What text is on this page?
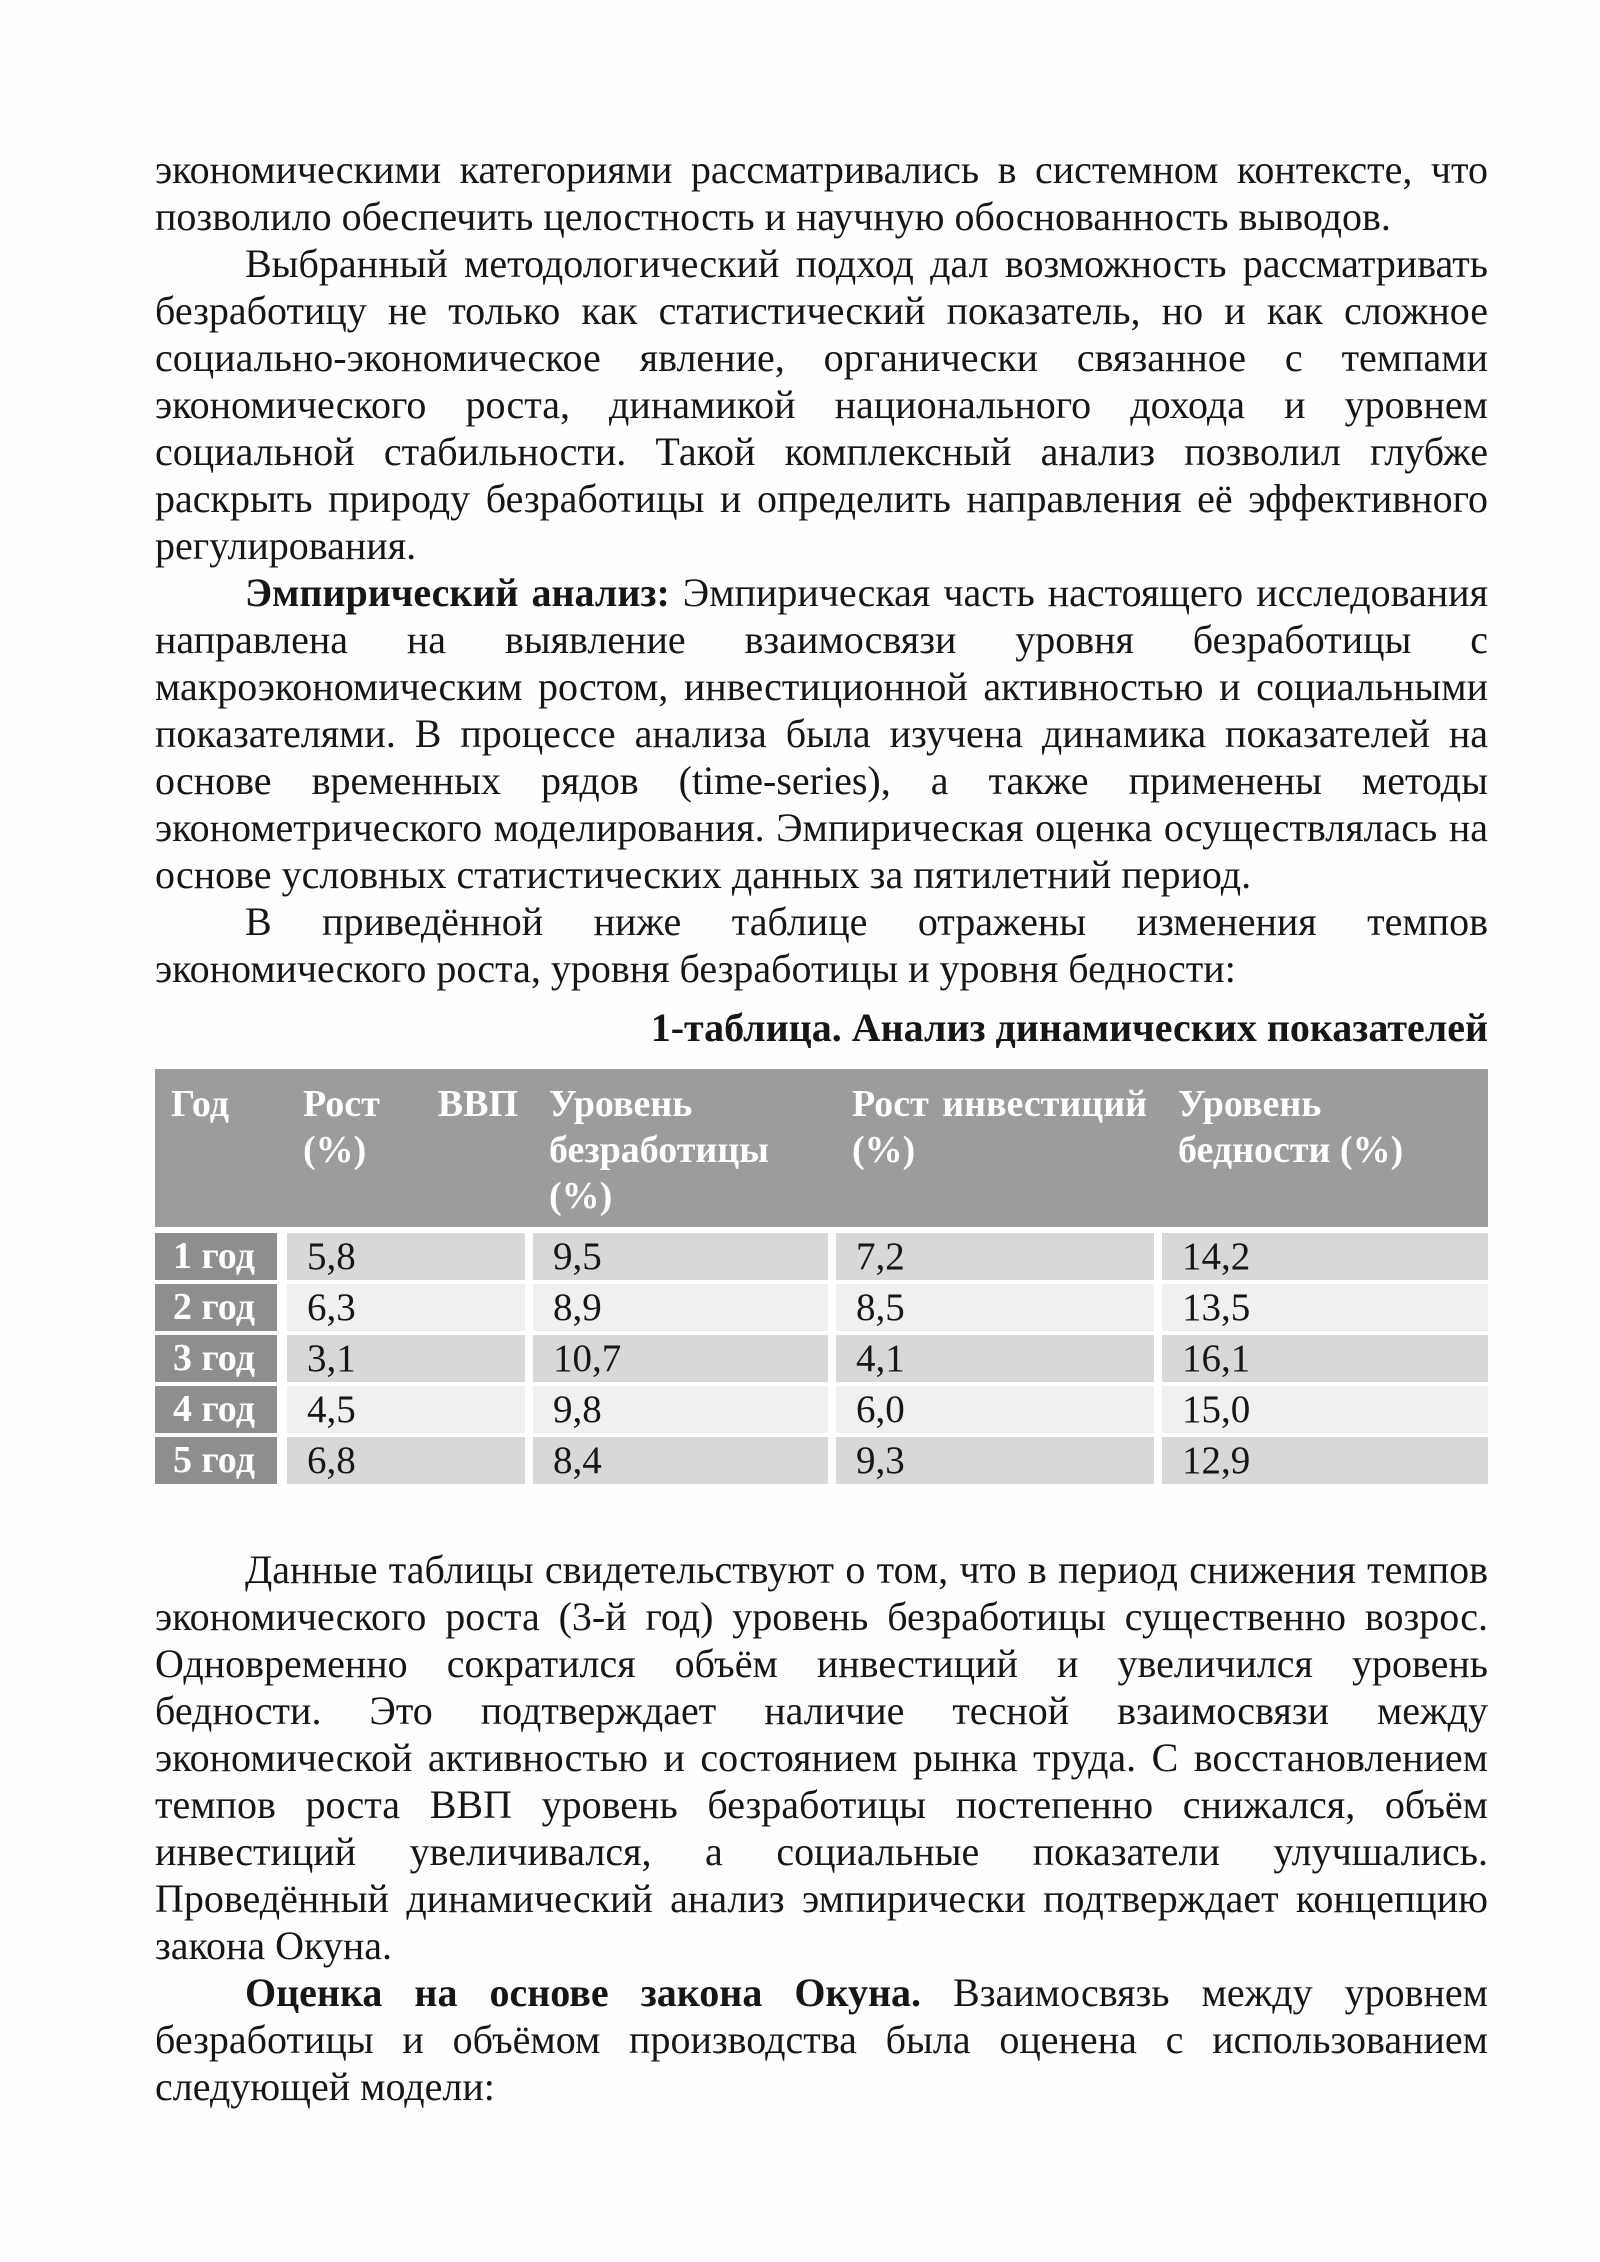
экономическими категориями рассматривались в системном контексте, что позволило обеспечить целостность и научную обоснованность выводов.

Выбранный методологический подход дал возможность рассматривать безработицу не только как статистический показатель, но и как сложное социально-экономическое явление, органически связанное с темпами экономического роста, динамикой национального дохода и уровнем социальной стабильности. Такой комплексный анализ позволил глубже раскрыть природу безработицы и определить направления её эффективного регулирования.

Эмпирический анализ: Эмпирическая часть настоящего исследования направлена на выявление взаимосвязи уровня безработицы с макроэкономическим ростом, инвестиционной активностью и социальными показателями. В процессе анализа была изучена динамика показателей на основе временных рядов (time-series), а также применены методы эконометрического моделирования. Эмпирическая оценка осуществлялась на основе условных статистических данных за пятилетний период.

В приведённой ниже таблице отражены изменения темпов экономического роста, уровня безработицы и уровня бедности:

1-таблица. Анализ динамических показателей
Год	Рост ВВП (%)	Уровень безработицы (%)	Рост инвестиций (%)	Уровень бедности (%)
1 год	5,8	9,5	7,2	14,2
2 год	6,3	8,9	8,5	13,5
3 год	3,1	10,7	4,1	16,1
4 год	4,5	9,8	6,0	15,0
5 год	6,8	8,4	9,3	12,9

Данные таблицы свидетельствуют о том, что в период снижения темпов экономического роста (3-й год) уровень безработицы существенно возрос. Одновременно сократился объём инвестиций и увеличился уровень бедности. Это подтверждает наличие тесной взаимосвязи между экономической активностью и состоянием рынка труда. С восстановлением темпов роста ВВП уровень безработицы постепенно снижался, объём инвестиций увеличивался, а социальные показатели улучшались. Проведённый динамический анализ эмпирически подтверждает концепцию закона Окуна.

Оценка на основе закона Окуна. Взаимосвязь между уровнем безработицы и объёмом производства была оценена с использованием следующей модели:
